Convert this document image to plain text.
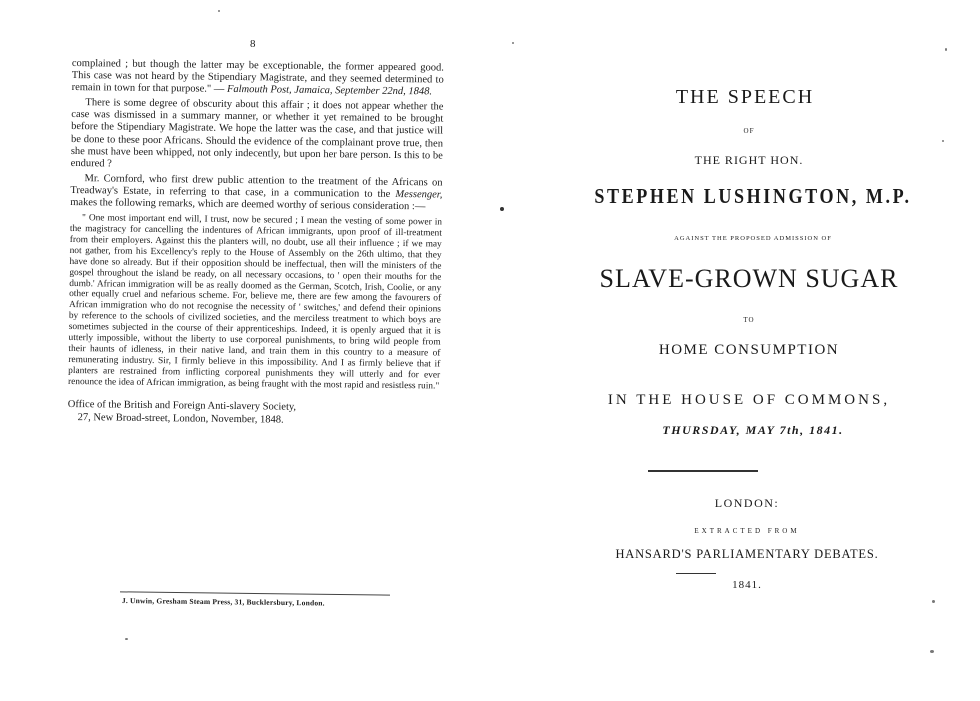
8

complained ; but though the latter may be exceptionable, the former appeared good. This case was not heard by the Stipendiary Magistrate, and they seemed determined to remain in town for that purpose." — Falmouth Post, Jamaica, September 22nd, 1848.

There is some degree of obscurity about this affair ; it does not appear whether the case was dismissed in a summary manner, or whether it yet remained to be brought before the Stipendiary Magistrate. We hope the latter was the case, and that justice will be done to these poor Africans. Should the evidence of the complainant prove true, then she must have been whipped, not only indecently, but upon her bare person. Is this to be endured ?

Mr. Cornford, who first drew public attention to the treatment of the Africans on Treadway's Estate, in referring to that case, in a communication to the Messenger, makes the following remarks, which are deemed worthy of serious consideration :—

" One most important end will, I trust, now be secured ; I mean the vesting of some power in the magistracy for cancelling the indentures of African immigrants, upon proof of ill-treatment from their employers. Against this the planters will, no doubt, use all their influence ; if we may not gather, from his Excellency's reply to the House of Assembly on the 26th ultimo, that they have done so already. But if their opposition should be ineffectual, then will the ministers of the gospel throughout the island be ready, on all necessary occasions, to ' open their mouths for the dumb.' African immigration will be as really doomed as the German, Scotch, Irish, Coolie, or any other equally cruel and nefarious scheme. For, believe me, there are few among the favourers of African immigration who do not recognise the necessity of ' switches,' and defend their opinions by reference to the schools of civilized societies, and the merciless treatment to which boys are sometimes subjected in the course of their apprenticeships. Indeed, it is openly argued that it is utterly impossible, without the liberty to use corporeal punishments, to bring wild people from their haunts of idleness, in their native land, and train them in this country to a measure of remunerating industry. Sir, I firmly believe in this impossibility. And I as firmly believe that if planters are restrained from inflicting corporeal punishments they will utterly and for ever renounce the idea of African immigration, as being fraught with the most rapid and resistless ruin."

Office of the British and Foreign Anti-slavery Society,
27, New Broad-street, London, November, 1848.

J. Unwin, Gresham Steam Press, 31, Bucklersbury, London.
THE SPEECH
OF
THE RIGHT HON.
STEPHEN LUSHINGTON, M.P.
AGAINST THE PROPOSED ADMISSION OF
SLAVE-GROWN SUGAR
TO
HOME CONSUMPTION
IN THE HOUSE OF COMMONS,
THURSDAY, MAY 7th, 1841.
LONDON:
EXTRACTED FROM
HANSARD'S PARLIAMENTARY DEBATES.
1841.
